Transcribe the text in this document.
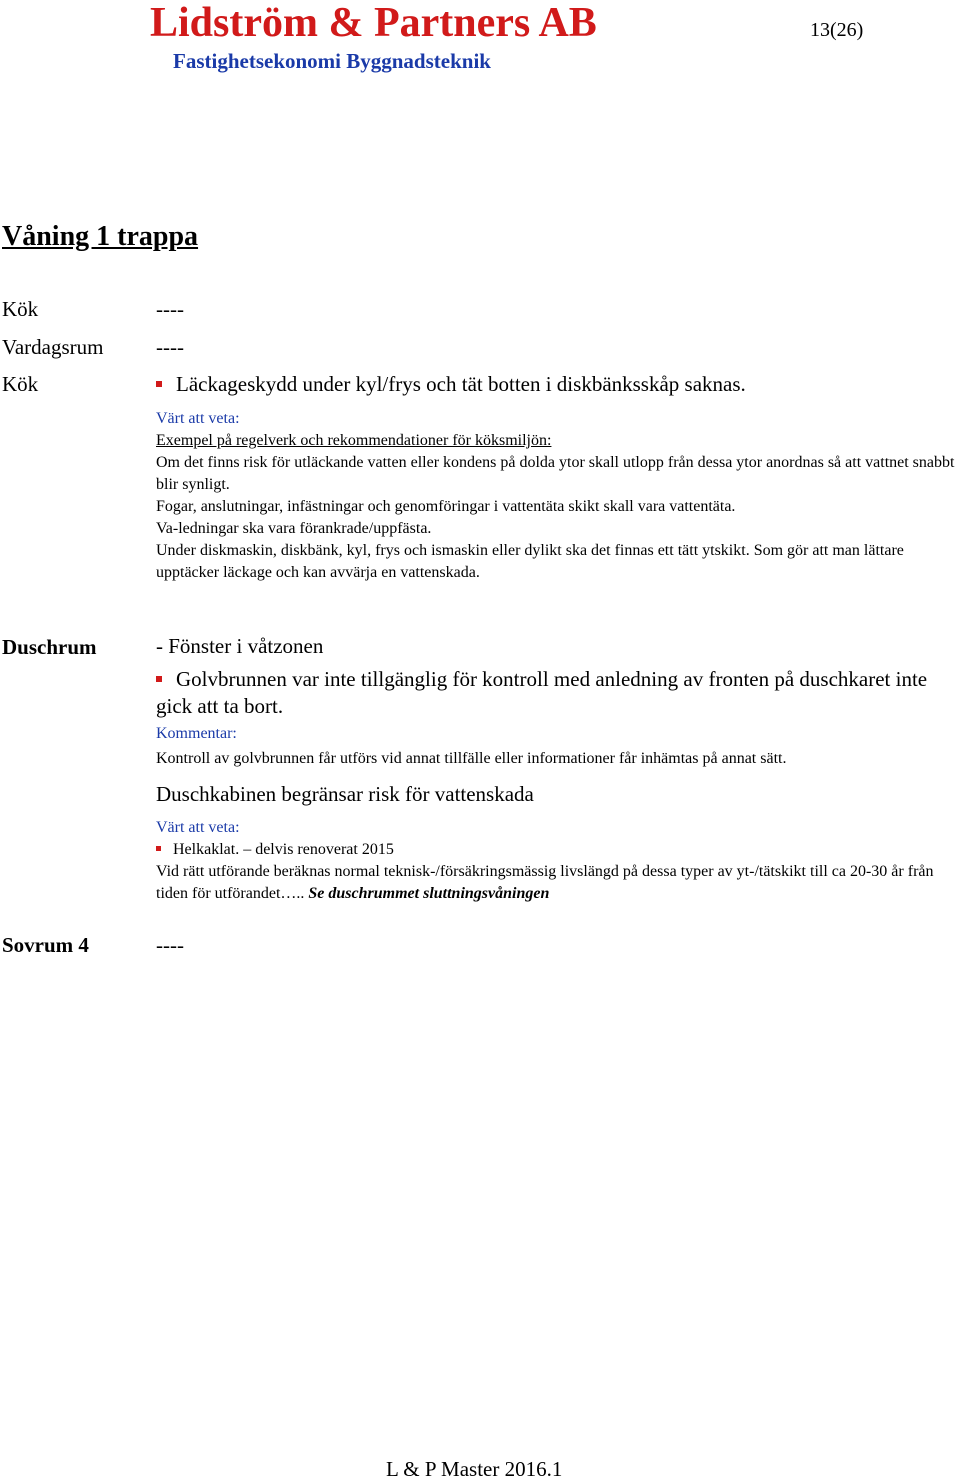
Lidström & Partners AB
Fastighetsekonomi Byggnadsteknik
13(26)
Våning 1 trappa
Kök	----
Vardagsrum	----
Kök	Läckageskydd under kyl/frys och tät botten i diskbänksskåp saknas.

Värt att veta:

Exempel på regelverk och rekommendationer för köksmiljön:

Om det finns risk för utläckande vatten eller kondens på dolda ytor skall utlopp från dessa ytor anordnas så att vattnet snabbt blir synligt.

Fogar, anslutningar, infästningar och genomföringar i vattentäta skikt skall vara vattentäta.

Va-ledningar ska vara förankrade/uppfästa.

Under diskmaskin, diskbänk, kyl, frys och ismaskin eller dylikt ska det finnas ett tätt ytskikt. Som gör att man lättare upptäcker läckage och kan avvärja en vattenskada.

Duschrum	- Fönster i våtzonen

Golvbrunnen var inte tillgänglig för kontroll med anledning av fronten på duschkaret inte gick att ta bort.

Kommentar:

Kontroll av golvbrunnen får utförs vid annat tillfälle eller informationer får inhämtas på annat sätt.

Duschkabinen begränsar risk för vattenskada

Värt att veta:

Helkaklat. – delvis renoverat 2015

Vid rätt utförande beräknas normal teknisk-/försäkringsmässig livslängd på dessa typer av yt-/tätskikt till ca 20-30 år från tiden för utförandet….. Se duschrummet sluttningsvåningen

Sovrum 4	----
L & P Master 2016.1
